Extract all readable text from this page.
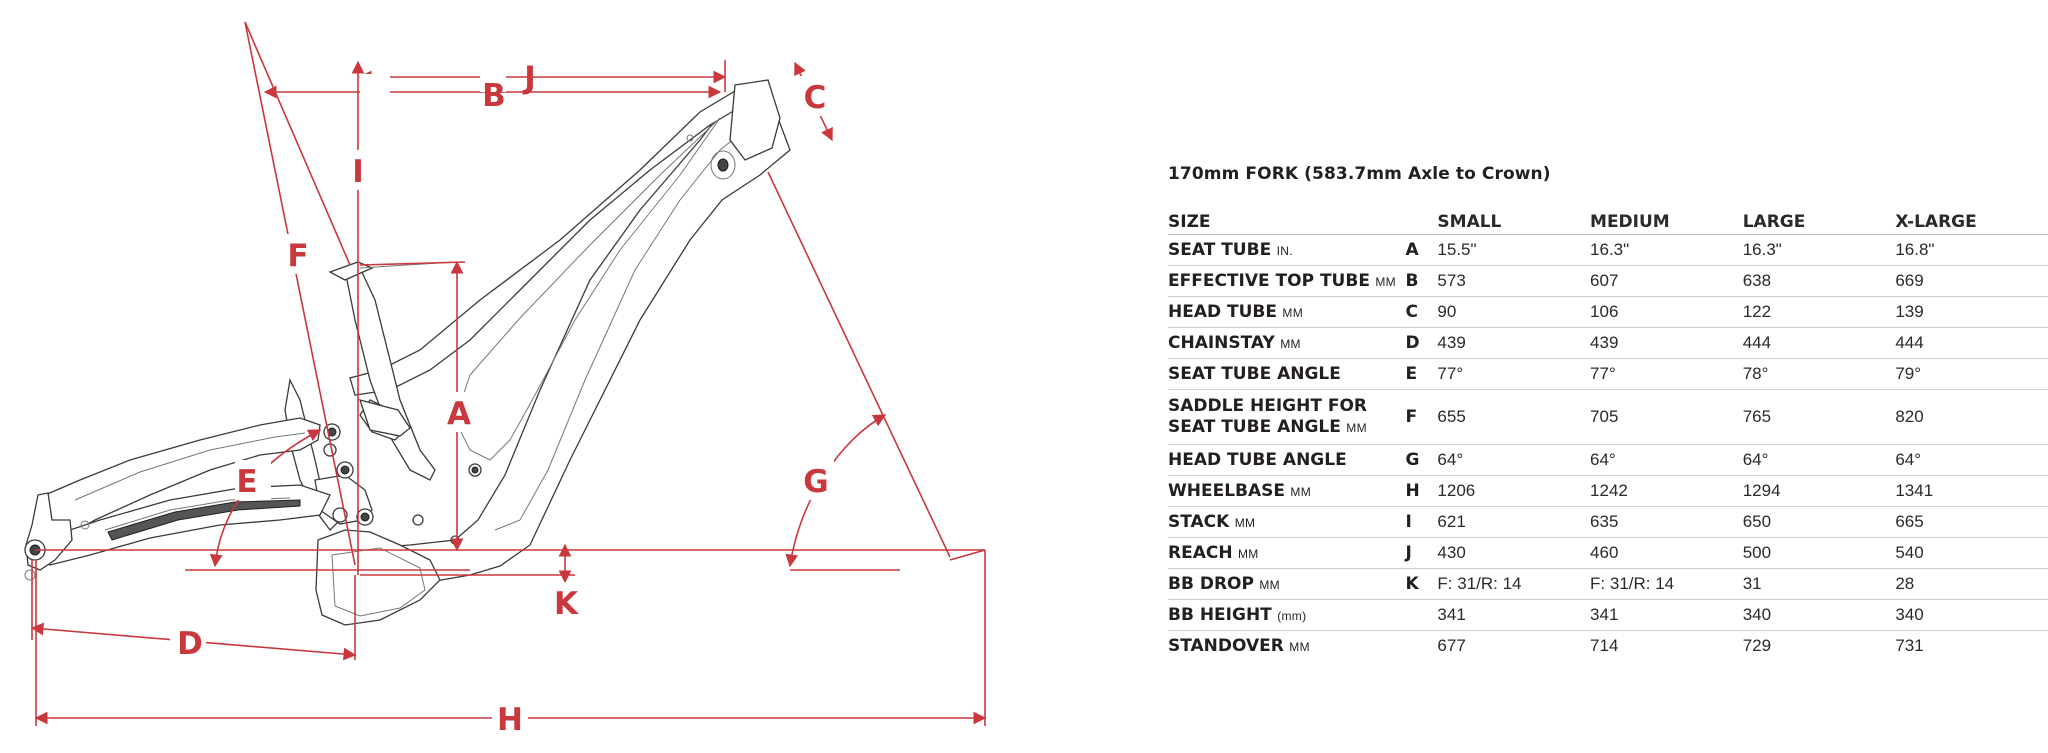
J
B
I
F
A
C
E	G
K
D
H
170mm FORK (583.7mm Axle to Crown)
SIZE		SMALL	MEDIUM	LARGE	X-LARGE
SEAT TUBE IN.	A	15.5"	16.3"	16.3"	16.8"
EFFECTIVE TOP TUBE MM	B	573	607	638	669
HEAD TUBE MM	C	90	106	122	139
CHAINSTAY MM	D	439	439	444	444
SEAT TUBE ANGLE	E	77°	77°	78°	79°
SADDLE HEIGHT FOR
SEAT TUBE ANGLE MM	F	655	705	765	820
HEAD TUBE ANGLE	G	64°	64°	64°	64°
WHEELBASE MM	H	1206	1242	1294	1341
STACK MM	I	621	635	650	665
REACH MM	J	430	460	500	540
BB DROP MM	K	F: 31/R: 14	F: 31/R: 14	31	28
BB HEIGHT (mm)		341	341	340	340
STANDOVER MM		677	714	729	731
